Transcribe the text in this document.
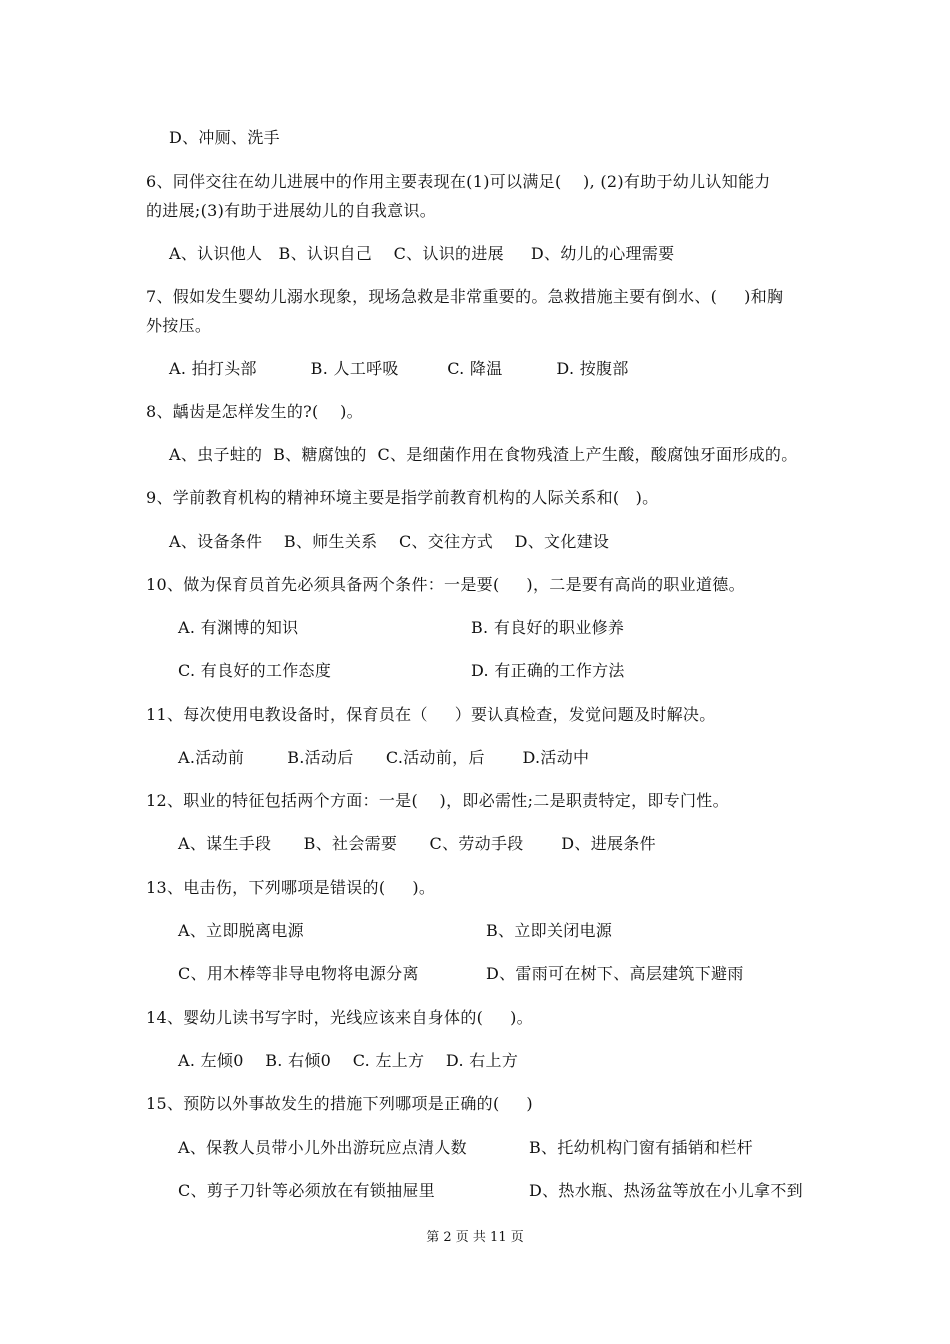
D、冲厕、洗手
6、同伴交往在幼儿进展中的作用主要表现在(1)可以满足(    ), (2)有助于幼儿认知能力
的进展;(3)有助于进展幼儿的自我意识。
A、认识他人   B、认识自己    C、认识的进展     D、幼儿的心理需要
7、假如发生婴幼儿溺水现象，现场急救是非常重要的。急救措施主要有倒水、(     )和胸
外按压。
A. 拍打头部          B. 人工呼吸         C. 降温          D. 按腹部
8、龋齿是怎样发生的?(    )。
A、虫子蛀的  B、糖腐蚀的  C、是细菌作用在食物残渣上产生酸，酸腐蚀牙面形成的。
9、学前教育机构的精神环境主要是指学前教育机构的人际关系和(   )。
A、设备条件    B、师生关系    C、交往方式    D、文化建设
10、做为保育员首先必须具备两个条件：一是要(     )，二是要有高尚的职业道德。
A. 有渊博的知识	B. 有良好的职业修养
C. 有良好的工作态度	D. 有正确的工作方法
11、每次使用电教设备时，保育员在（     ）要认真检查，发觉问题及时解决。
A.活动前        B.活动后      C.活动前，后       D.活动中
12、职业的特征包括两个方面：一是(    )，即必需性;二是职责特定，即专门性。
A、谋生手段      B、社会需要      C、劳动手段       D、进展条件
13、电击伤，下列哪项是错误的(     )。
A、立即脱离电源	B、立即关闭电源
C、用木棒等非导电物将电源分离	D、雷雨可在树下、高层建筑下避雨
14、婴幼儿读书写字时，光线应该来自身体的(     )。
A. 左倾0    B. 右倾0    C. 左上方    D. 右上方
15、预防以外事故发生的措施下列哪项是正确的(     )
A、保教人员带小儿外出游玩应点清人数	B、托幼机构门窗有插销和栏杆
C、剪子刀针等必须放在有锁抽屉里	D、热水瓶、热汤盆等放在小儿拿不到
第 2 页 共 11 页
